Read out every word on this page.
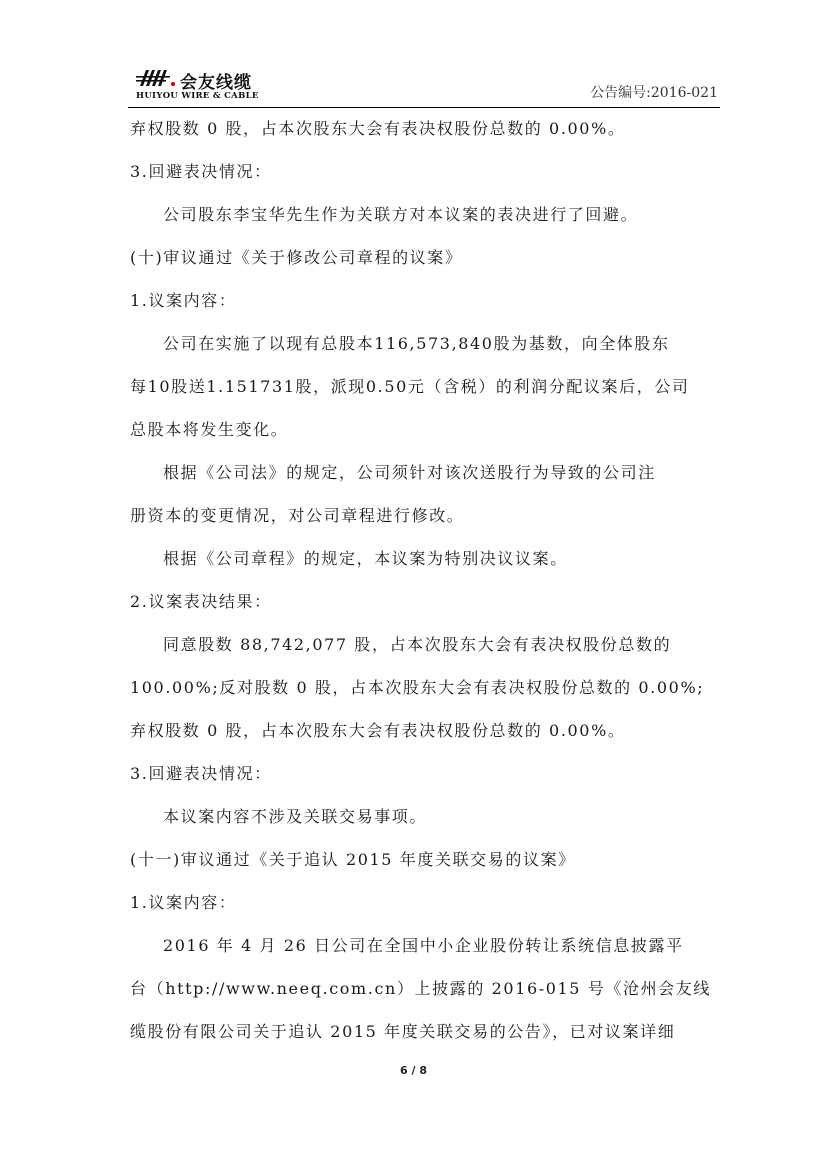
会友线缆
HUIYOU WIRE & CABLE	公告编号:2016-021

弃权股数 0 股，占本次股东大会有表决权股份总数的 0.00%。

3.回避表决情况：

公司股东李宝华先生作为关联方对本议案的表决进行了回避。

(十)审议通过《关于修改公司章程的议案》

1.议案内容：

公司在实施了以现有总股本116,573,840股为基数，向全体股东

每10股送1.151731股，派现0.50元（含税）的利润分配议案后，公司

总股本将发生变化。

根据《公司法》的规定，公司须针对该次送股行为导致的公司注

册资本的变更情况，对公司章程进行修改。

根据《公司章程》的规定，本议案为特别决议议案。

2.议案表决结果：

同意股数 88,742,077 股，占本次股东大会有表决权股份总数的

100.00%;反对股数 0 股，占本次股东大会有表决权股份总数的 0.00%;

弃权股数 0 股，占本次股东大会有表决权股份总数的 0.00%。

3.回避表决情况：

本议案内容不涉及关联交易事项。

(十一)审议通过《关于追认 2015 年度关联交易的议案》

1.议案内容：

2016 年 4 月 26 日公司在全国中小企业股份转让系统信息披露平

台（http://www.neeq.com.cn）上披露的 2016-015 号《沧州会友线

缆股份有限公司关于追认 2015 年度关联交易的公告》，已对议案详细

6 / 8
